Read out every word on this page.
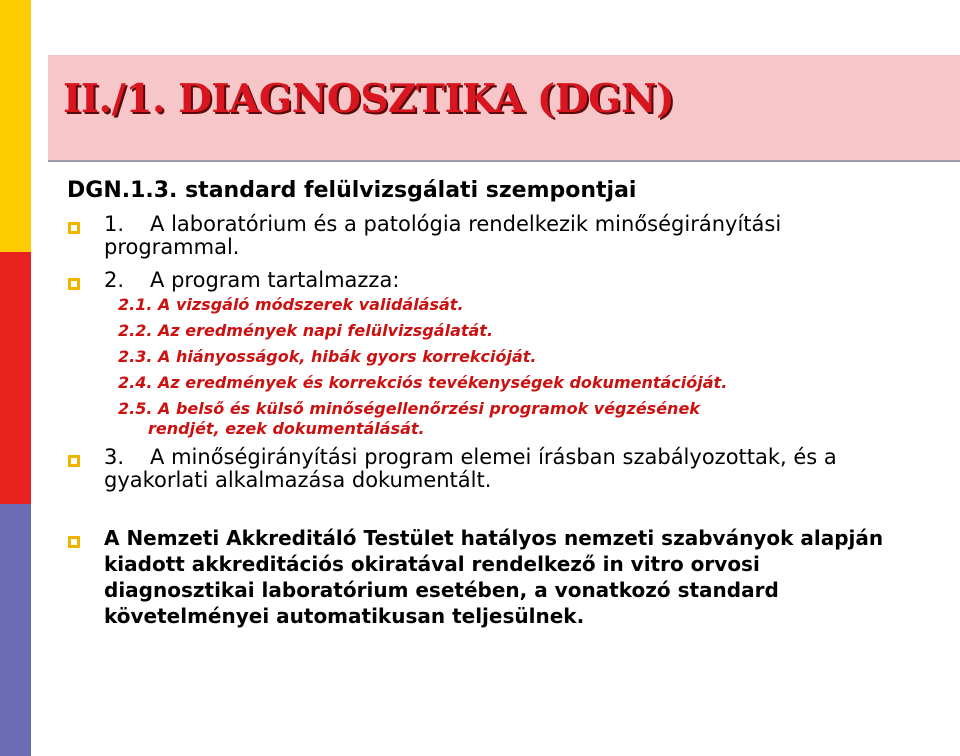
II./1. DIAGNOSZTIKA (DGN)
DGN.1.3. standard felülvizsgálati szempontjai

1. A laboratórium és a patológia rendelkezik minőségirányítási programmal.

2. A program tartalmazza:

2.1. A vizsgáló módszerek validálását.

2.2. Az eredmények napi felülvizsgálatát.

2.3. A hiányosságok, hibák gyors korrekcióját.

2.4. Az eredmények és korrekciós tevékenységek dokumentációját.

2.5. A belső és külső minőségellenőrzési programok végzésének

rendjét, ezek dokumentálását.

3. A minőségirányítási program elemei írásban szabályozottak, és a gyakorlati alkalmazása dokumentált.

A Nemzeti Akkreditáló Testület hatályos nemzeti szabványok alapján kiadott akkreditációs okiratával rendelkező in vitro orvosi diagnosztikai laboratórium esetében, a vonatkozó standard követelményei automatikusan teljesülnek.
